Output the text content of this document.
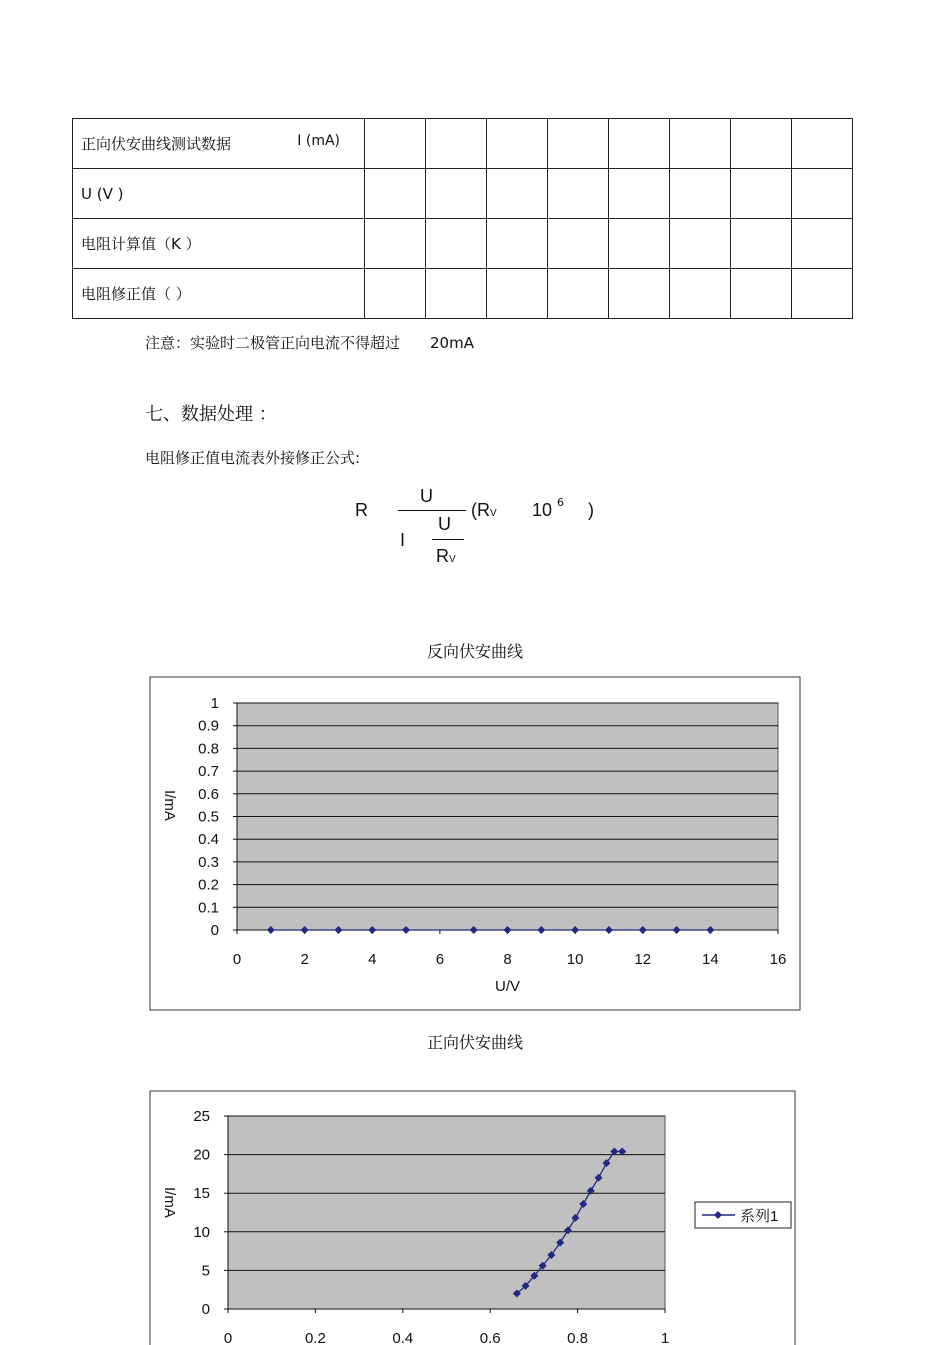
正向伏安曲线测试数据 I (mA)								

U (V )								

电阻计算值（K ）								

电阻修正值（ ）								

注意：实验时二极管正向电流不得超过 20mA
七、数据处理 ：
电阻修正值电流表外接修正公式:
R
U
I
U
RV
(RV 10 6 )
反向伏安曲线
0
0.1
0.2
0.3
0.4
0.5
0.6
0.7
0.8
0.9
1
0	2	4	6	8	10	12	14	16
I/mA
U/V
0
5
10
15
20
25
0	0.2	0.4	0.6	0.8	1
I/mA	系列1
正向伏安曲线
